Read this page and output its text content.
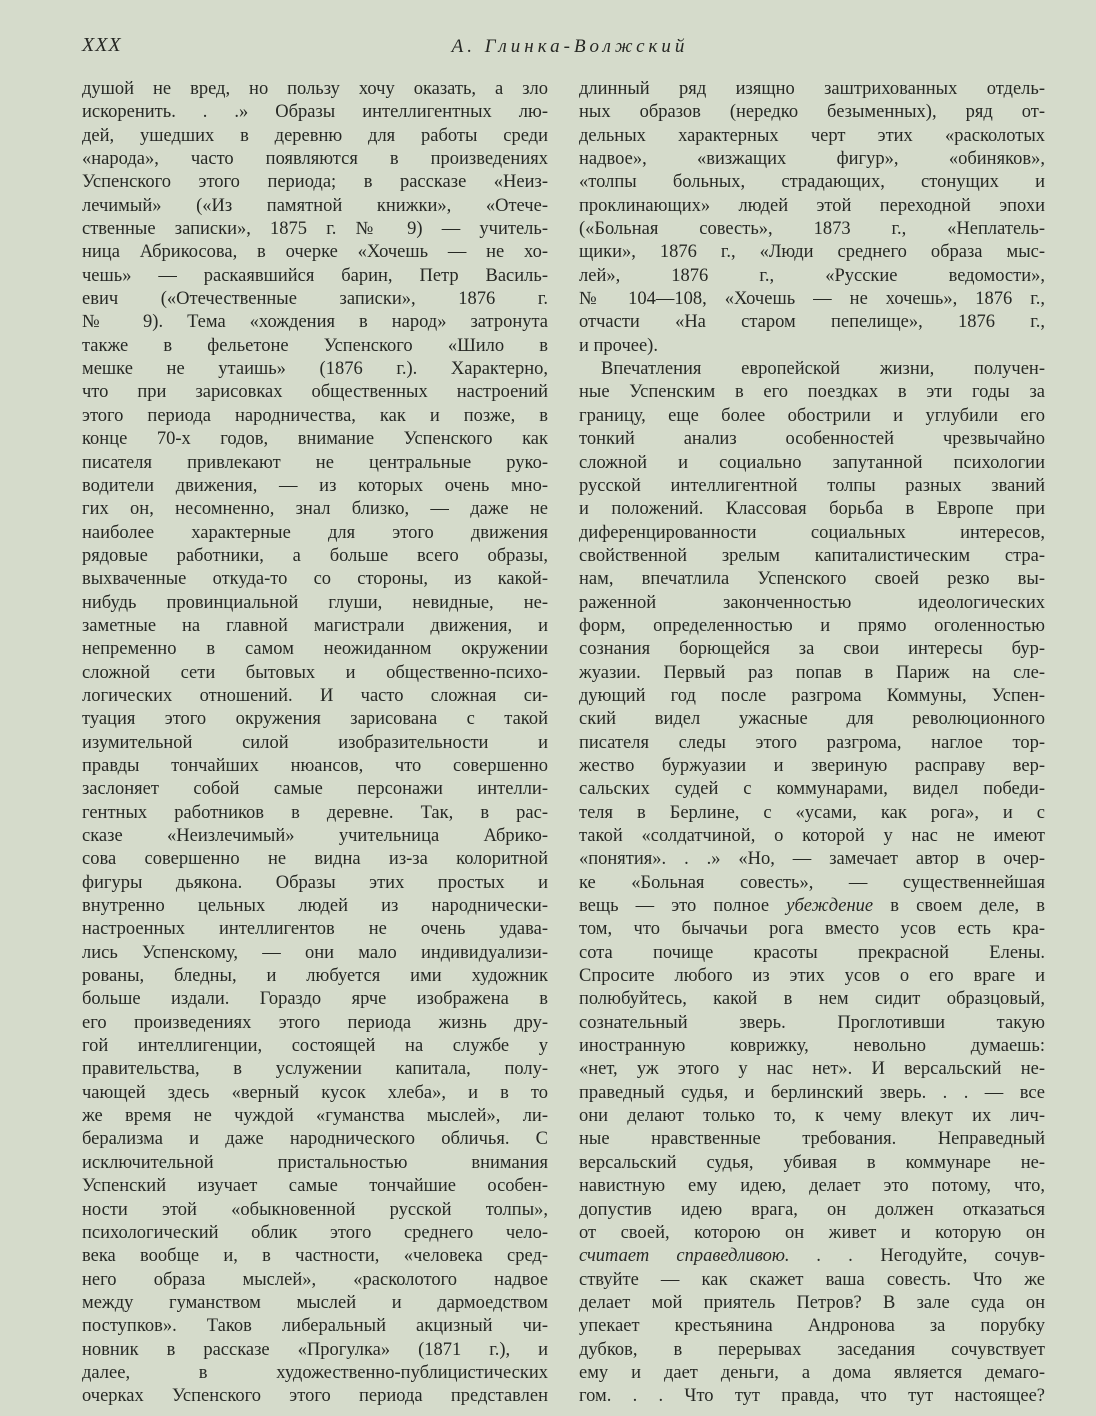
XXX	А. Глинка-Волжский
душой не вред, но пользу хочу оказать, а зло
искоренить. . .» Образы интеллигентных лю-
дей, ушедших в деревню для работы среди
«народа», часто появляются в произведениях
Успенского этого периода; в рассказе «Неиз-
лечимый» («Из памятной книжки», «Отече-
ственные записки», 1875 г. № 9) — учитель-
ница Абрикосова, в очерке «Хочешь — не хо-
чешь» — раскаявшийся барин, Петр Василь-
евич («Отечественные записки», 1876 г.
№ 9). Тема «хождения в народ» затронута
также в фельетоне Успенского «Шило в
мешке не утаишь» (1876 г.). Характерно,
что при зарисовках общественных настроений
этого периода народничества, как и позже, в
конце 70-х годов, внимание Успенского как
писателя привлекают не центральные руко-
водители движения, — из которых очень мно-
гих он, несомненно, знал близко, — даже не
наиболее характерные для этого движения
рядовые работники, а больше всего образы,
выхваченные откуда-то со стороны, из какой-
нибудь провинциальной глуши, невидные, не-
заметные на главной магистрали движения, и
непременно в самом неожиданном окружении
сложной сети бытовых и общественно-психо-
логических отношений. И часто сложная си-
туация этого окружения зарисована с такой
изумительной силой изобразительности и
правды тончайших нюансов, что совершенно
заслоняет собой самые персонажи интелли-
гентных работников в деревне. Так, в рас-
сказе «Неизлечимый» учительница Абрико-
сова совершенно не видна из-за колоритной
фигуры дьякона. Образы этих простых и
внутренно цельных людей из народнически-
настроенных интеллигентов не очень удава-
лись Успенскому, — они мало индивидуализи-
рованы, бледны, и любуется ими художник
больше издали. Гораздо ярче изображена в
его произведениях этого периода жизнь дру-
гой интеллигенции, состоящей на службе у
правительства, в услужении капитала, полу-
чающей здесь «верный кусок хлеба», и в то
же время не чуждой «гуманства мыслей», ли-
берализма и даже народнического обличья. С
исключительной пристальностью внимания
Успенский изучает самые тончайшие особен-
ности этой «обыкновенной русской толпы»,
психологический облик этого среднего чело-
века вообще и, в частности, «человека сред-
него образа мыслей», «расколотого надвое
между гуманством мыслей и дармоедством
поступков». Таков либеральный акцизный чи-
новник в рассказе «Прогулка» (1871 г.), и
далее, в художественно-публицистических
очерках Успенского этого периода представлен
длинный ряд изящно заштрихованных отдель-
ных образов (нередко безыменных), ряд от-
дельных характерных черт этих «расколотых
надвое», «визжащих фигур», «обиняков»,
«толпы больных, страдающих, стонущих и
проклинающих» людей этой переходной эпохи
(«Больная совесть», 1873 г., «Неплатель-
щики», 1876 г., «Люди среднего образа мыс-
лей», 1876 г., «Русские ведомости»,
№ 104—108, «Хочешь — не хочешь», 1876 г.,
отчасти «На старом пепелище», 1876 г.,
и прочее).
Впечатления европейской жизни, получен-
ные Успенским в его поездках в эти годы за
границу, еще более обострили и углубили его
тонкий анализ особенностей чрезвычайно
сложной и социально запутанной психологии
русской интеллигентной толпы разных званий
и положений. Классовая борьба в Европе при
диференцированности социальных интересов,
свойственной зрелым капиталистическим стра-
нам, впечатлила Успенского своей резко вы-
раженной законченностью идеологических
форм, определенностью и прямо оголенностью
сознания борющейся за свои интересы бур-
жуазии. Первый раз попав в Париж на сле-
дующий год после разгрома Коммуны, Успен-
ский видел ужасные для революционного
писателя следы этого разгрома, наглое тор-
жество буржуазии и звериную расправу вер-
сальских судей с коммунарами, видел победи-
теля в Берлине, с «усами, как рога», и с
такой «солдатчиной, о которой у нас не имеют
«понятия». . .» «Но, — замечает автор в очер-
ке «Больная совесть», — существеннейшая
вещь — это полное убеждение в своем деле, в
том, что бычачьи рога вместо усов есть кра-
сота почище красоты прекрасной Елены.
Спросите любого из этих усов о его враге и
полюбуйтесь, какой в нем сидит образцовый,
сознательный зверь. Проглотивши такую
иностранную коврижку, невольно думаешь:
«нет, уж этого у нас нет». И версальский не-
праведный судья, и берлинский зверь. . . — все
они делают только то, к чему влекут их лич-
ные нравственные требования. Неправедный
версальский судья, убивая в коммунаре не-
навистную ему идею, делает это потому, что,
допустив идею врага, он должен отказаться
от своей, которою он живет и которую он
считает справедливою. . . Негодуйте, сочув-
ствуйте — как скажет ваша совесть. Что же
делает мой приятель Петров? В зале суда он
упекает крестьянина Андронова за порубку
дубков, в перерывах заседания сочувствует
ему и дает деньги, а дома является демаго-
гом. . . Что тут правда, что тут настоящее?
